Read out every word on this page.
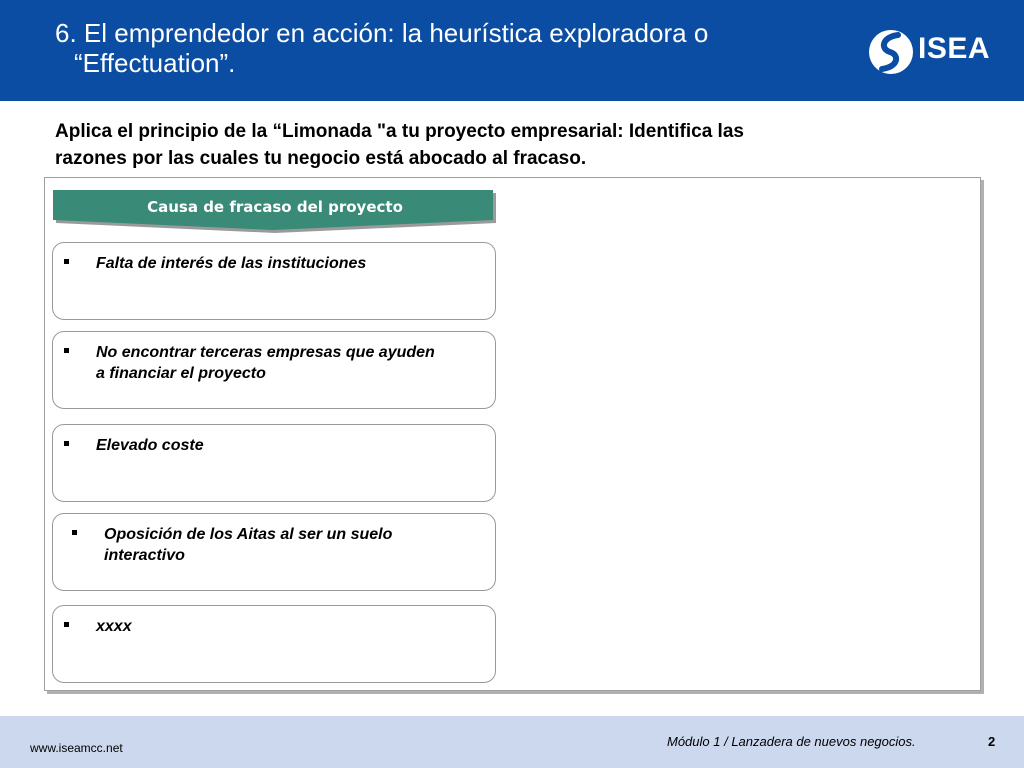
6. El emprendedor en acción: la heurística exploradora o
“Effectuation”.	ISEA
Aplica el principio de la “Limonada "a tu proyecto empresarial: Identifica las
razones por las cuales tu negocio está abocado al fracaso.
Causa de fracaso del proyecto
Falta de interés de las instituciones
No encontrar terceras empresas que ayuden
a financiar el proyecto
Elevado coste
Oposición de los Aitas al ser un suelo
interactivo
xxxx
www.iseamcc.net	Módulo 1 / Lanzadera de nuevos negocios.	2
